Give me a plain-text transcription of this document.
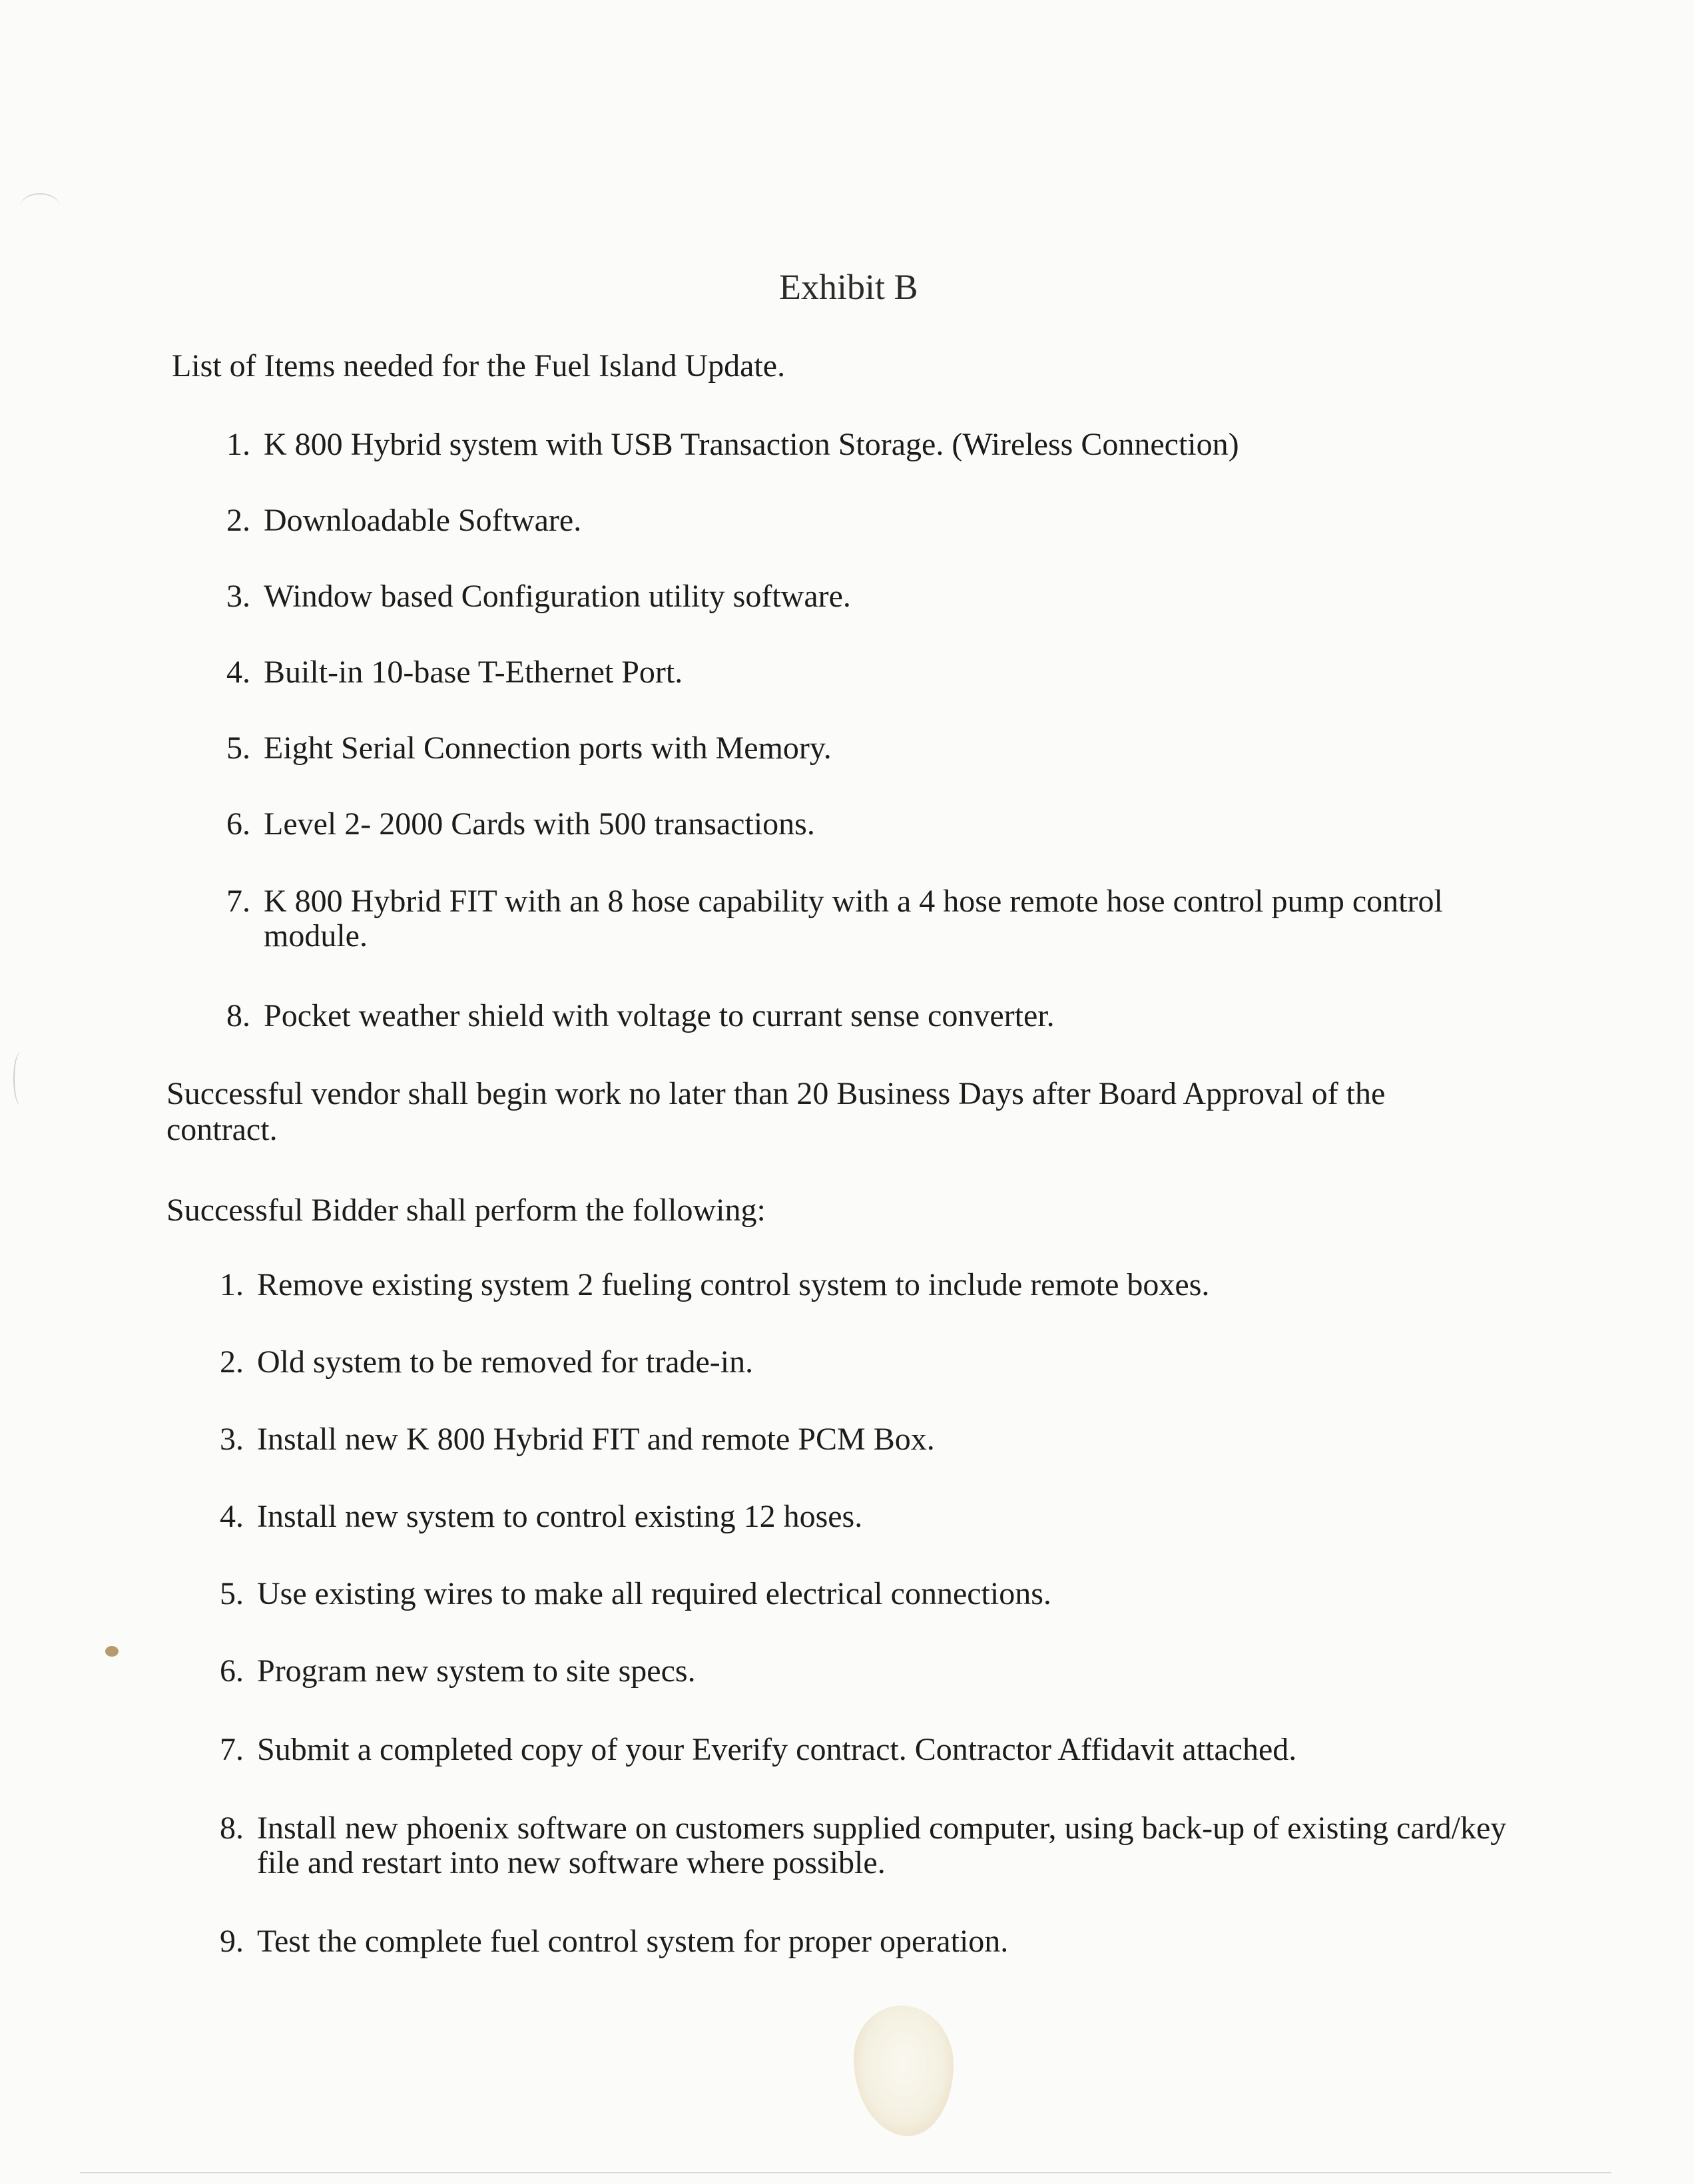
Exhibit B
List of Items needed for the Fuel Island Update.
1. K 800 Hybrid system with USB Transaction Storage. (Wireless Connection)
2. Downloadable Software.
3. Window based Configuration utility software.
4. Built-in 10-base T-Ethernet Port.
5. Eight Serial Connection ports with Memory.
6. Level 2- 2000 Cards with 500 transactions.
7. K 800 Hybrid FIT with an 8 hose capability with a 4 hose remote hose control pump control module.
8. Pocket weather shield with voltage to currant sense converter.
Successful vendor shall begin work no later than 20 Business Days after Board Approval of the contract.
Successful Bidder shall perform the following:
1. Remove existing system 2 fueling control system to include remote boxes.
2. Old system to be removed for trade-in.
3. Install new K 800 Hybrid FIT and remote PCM Box.
4. Install new system to control existing 12 hoses.
5. Use existing wires to make all required electrical connections.
6. Program new system to site specs.
7. Submit a completed copy of your Everify contract. Contractor Affidavit attached.
8. Install new phoenix software on customers supplied computer, using back-up of existing card/key file and restart into new software where possible.
9. Test the complete fuel control system for proper operation.
